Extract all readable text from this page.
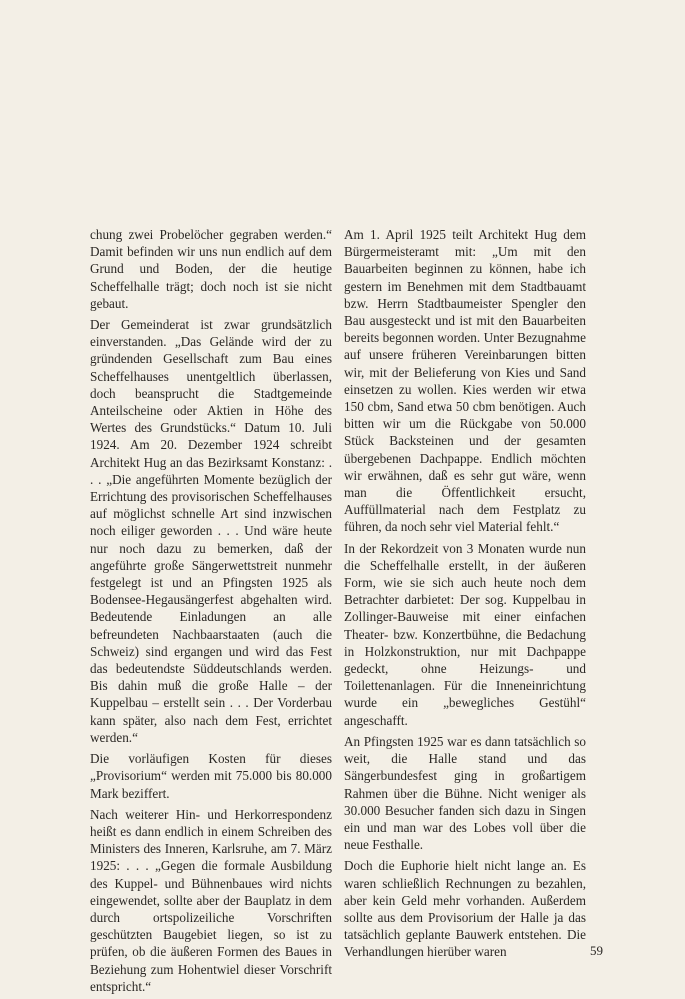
chung zwei Probelöcher gegraben werden.“ Damit befinden wir uns nun endlich auf dem Grund und Boden, der die heutige Scheffelhalle trägt; doch noch ist sie nicht gebaut.

Der Gemeinderat ist zwar grundsätzlich einverstanden. „Das Gelände wird der zu gründenden Gesellschaft zum Bau eines Scheffelhauses unentgeltlich überlassen, doch beansprucht die Stadtgemeinde Anteilscheine oder Aktien in Höhe des Wertes des Grundstücks.“ Datum 10. Juli 1924. Am 20. Dezember 1924 schreibt Architekt Hug an das Bezirksamt Konstanz: . . . „Die angeführten Momente bezüglich der Errichtung des provisorischen Scheffelhauses auf möglichst schnelle Art sind inzwischen noch eiliger geworden . . . Und wäre heute nur noch dazu zu bemerken, daß der angeführte große Sängerwettstreit nunmehr festgelegt ist und an Pfingsten 1925 als Bodensee-Hegausängerfest abgehalten wird. Bedeutende Einladungen an alle befreundeten Nachbaarstaaten (auch die Schweiz) sind ergangen und wird das Fest das bedeutendste Süddeutschlands werden. Bis dahin muß die große Halle – der Kuppelbau – erstellt sein . . . Der Vorderbau kann später, also nach dem Fest, errichtet werden.“

Die vorläufigen Kosten für dieses „Provisorium“ werden mit 75.000 bis 80.000 Mark beziffert.

Nach weiterer Hin- und Herkorrespondenz heißt es dann endlich in einem Schreiben des Ministers des Inneren, Karlsruhe, am 7. März 1925: . . . „Gegen die formale Ausbildung des Kuppel- und Bühnenbaues wird nichts eingewendet, sollte aber der Bauplatz in dem durch ortspolizeiliche Vorschriften geschützten Baugebiet liegen, so ist zu prüfen, ob die äußeren Formen des Baues in Beziehung zum Hohentwiel dieser Vorschrift entspricht.“

Am 1. April 1925 teilt Architekt Hug dem Bürgermeisteramt mit: „Um mit den Bauarbeiten beginnen zu können, habe ich gestern im Benehmen mit dem Stadtbauamt bzw. Herrn Stadtbaumeister Spengler den Bau ausgesteckt und ist mit den Bauarbeiten bereits begonnen worden. Unter Bezugnahme auf unsere früheren Vereinbarungen bitten wir, mit der Belieferung von Kies und Sand einsetzen zu wollen. Kies werden wir etwa 150 cbm, Sand etwa 50 cbm benötigen. Auch bitten wir um die Rückgabe von 50.000 Stück Backsteinen und der gesamten übergebenen Dachpappe. Endlich möchten wir erwähnen, daß es sehr gut wäre, wenn man die Öffentlichkeit ersucht, Auffüllmaterial nach dem Festplatz zu führen, da noch sehr viel Material fehlt.“

In der Rekordzeit von 3 Monaten wurde nun die Scheffelhalle erstellt, in der äußeren Form, wie sie sich auch heute noch dem Betrachter darbietet: Der sog. Kuppelbau in Zollinger-Bauweise mit einer einfachen Theater- bzw. Konzertbühne, die Bedachung in Holzkonstruktion, nur mit Dachpappe gedeckt, ohne Heizungs- und Toilettenanlagen. Für die Inneneinrichtung wurde ein „bewegliches Gestühl“ angeschafft.

An Pfingsten 1925 war es dann tatsächlich so weit, die Halle stand und das Sängerbundesfest ging in großartigem Rahmen über die Bühne. Nicht weniger als 30.000 Besucher fanden sich dazu in Singen ein und man war des Lobes voll über die neue Festhalle.

Doch die Euphorie hielt nicht lange an. Es waren schließlich Rechnungen zu bezahlen, aber kein Geld mehr vorhanden. Außerdem sollte aus dem Provisorium der Halle ja das tatsächlich geplante Bauwerk entstehen. Die Verhandlungen hierüber waren	59
